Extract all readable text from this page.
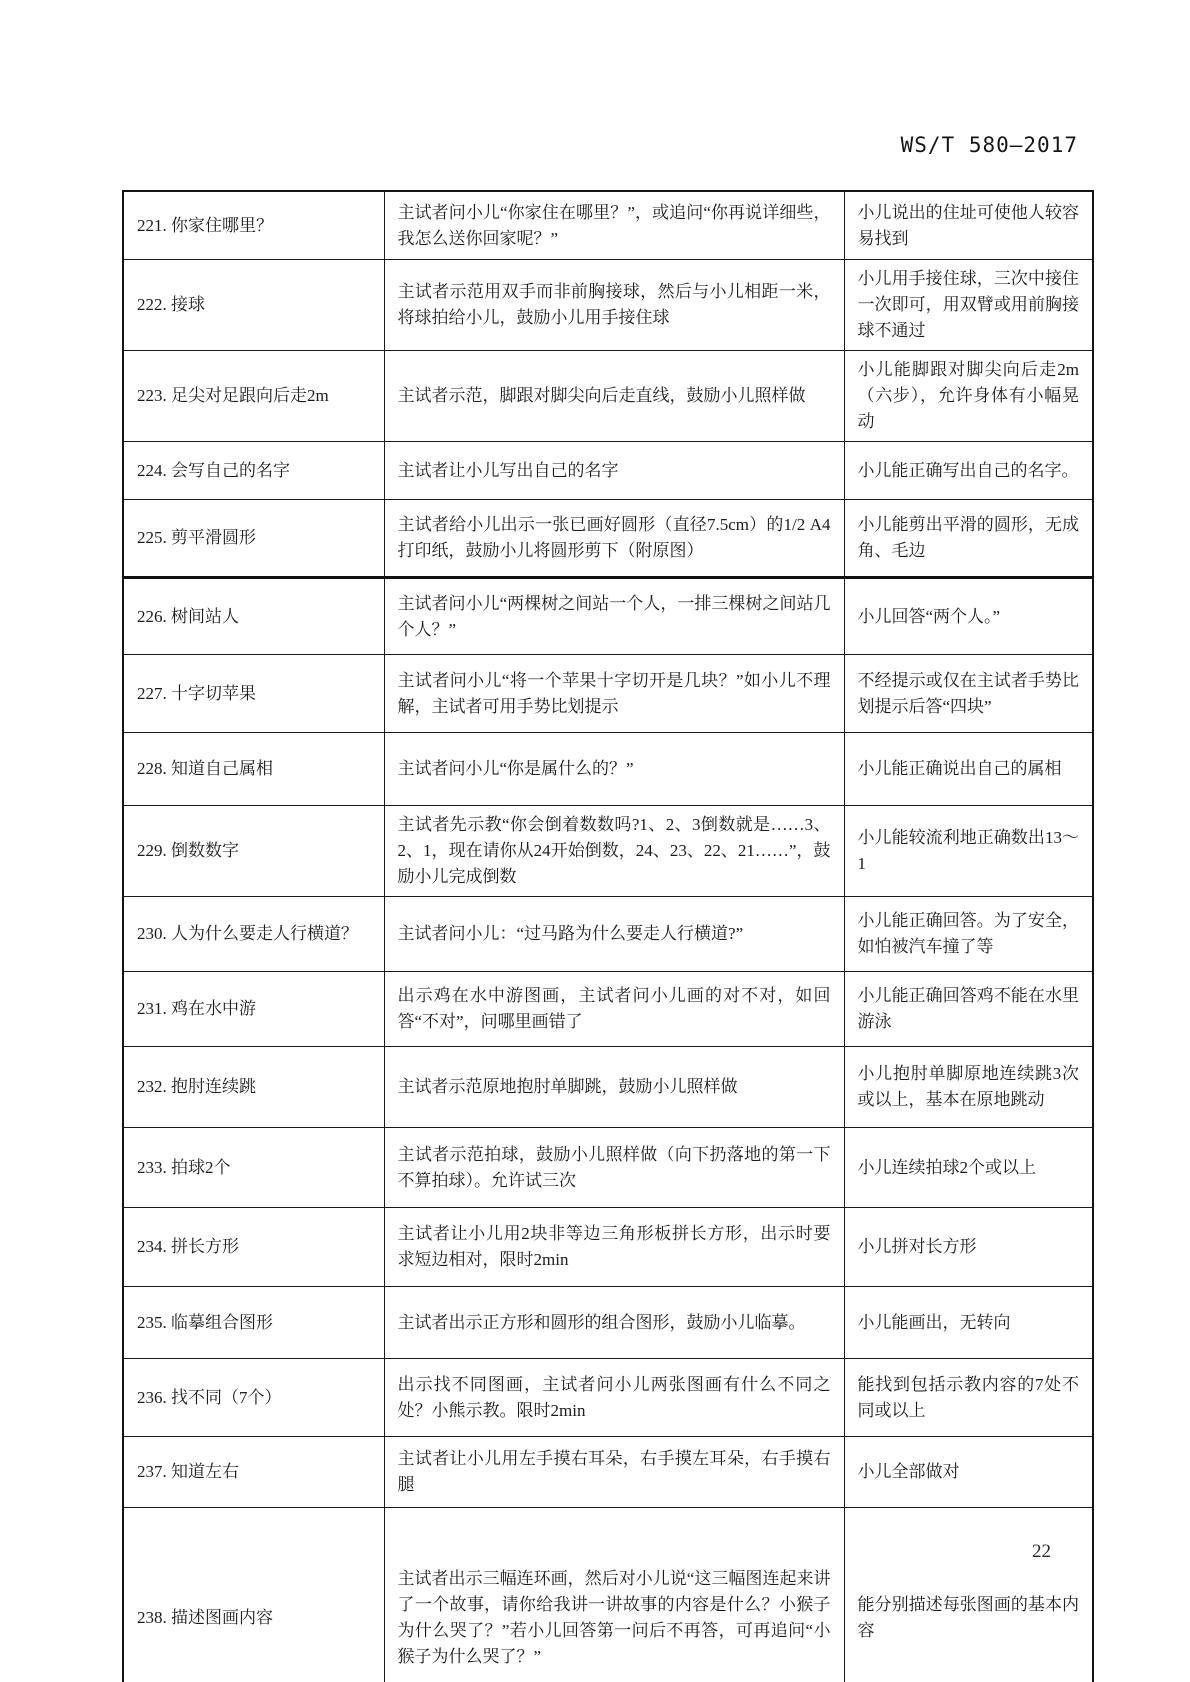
WS/T 580—2017
221. 你家住哪里？	主试者问小儿“你家住在哪里？”，或追问“你再说详细些，我怎么送你回家呢？”	小儿说出的住址可使他人较容易找到
222. 接球	主试者示范用双手而非前胸接球，然后与小儿相距一米，将球拍给小儿，鼓励小儿用手接住球	小儿用手接住球，三次中接住一次即可，用双臂或用前胸接球不通过
223. 足尖对足跟向后走2m	主试者示范，脚跟对脚尖向后走直线，鼓励小儿照样做	小儿能脚跟对脚尖向后走2m（六步），允许身体有小幅晃动
224. 会写自己的名字	主试者让小儿写出自己的名字	小儿能正确写出自己的名字。
225. 剪平滑圆形	主试者给小儿出示一张已画好圆形（直径7.5cm）的1/2 A4打印纸，鼓励小儿将圆形剪下（附原图）	小儿能剪出平滑的圆形，无成角、毛边
226. 树间站人	主试者问小儿“两棵树之间站一个人，一排三棵树之间站几个人？”	小儿回答“两个人。”
227. 十字切苹果	主试者问小儿“将一个苹果十字切开是几块？”如小儿不理解，主试者可用手势比划提示	不经提示或仅在主试者手势比划提示后答“四块”
228. 知道自己属相	主试者问小儿“你是属什么的？”	小儿能正确说出自己的属相
229. 倒数数字	主试者先示教“你会倒着数数吗?1、2、3倒数就是……3、2、1，现在请你从24开始倒数，24、23、22、21……”，鼓励小儿完成倒数	小儿能较流利地正确数出13～1
230. 人为什么要走人行横道？	主试者问小儿：“过马路为什么要走人行横道?”	小儿能正确回答。为了安全，如怕被汽车撞了等
231. 鸡在水中游	出示鸡在水中游图画，主试者问小儿画的对不对，如回答“不对”，问哪里画错了	小儿能正确回答鸡不能在水里游泳
232. 抱肘连续跳	主试者示范原地抱肘单脚跳，鼓励小儿照样做	小儿抱肘单脚原地连续跳3次或以上，基本在原地跳动
233. 拍球2个	主试者示范拍球，鼓励小儿照样做（向下扔落地的第一下不算拍球）。允许试三次	小儿连续拍球2个或以上
234. 拼长方形	主试者让小儿用2块非等边三角形板拼长方形，出示时要求短边相对，限时2min	小儿拼对长方形
235. 临摹组合图形	主试者出示正方形和圆形的组合图形，鼓励小儿临摹。	小儿能画出，无转向
236. 找不同（7个）	出示找不同图画，主试者问小儿两张图画有什么不同之处？小熊示教。限时2min	能找到包括示教内容的7处不同或以上
237. 知道左右	主试者让小儿用左手摸右耳朵，右手摸左耳朵，右手摸右腿	小儿全部做对
238. 描述图画内容	主试者出示三幅连环画，然后对小儿说“这三幅图连起来讲了一个故事，请你给我讲一讲故事的内容是什么？小猴子为什么哭了？”若小儿回答第一问后不再答，可再追问“小猴子为什么哭了？”	能分别描述每张图画的基本内容
22
